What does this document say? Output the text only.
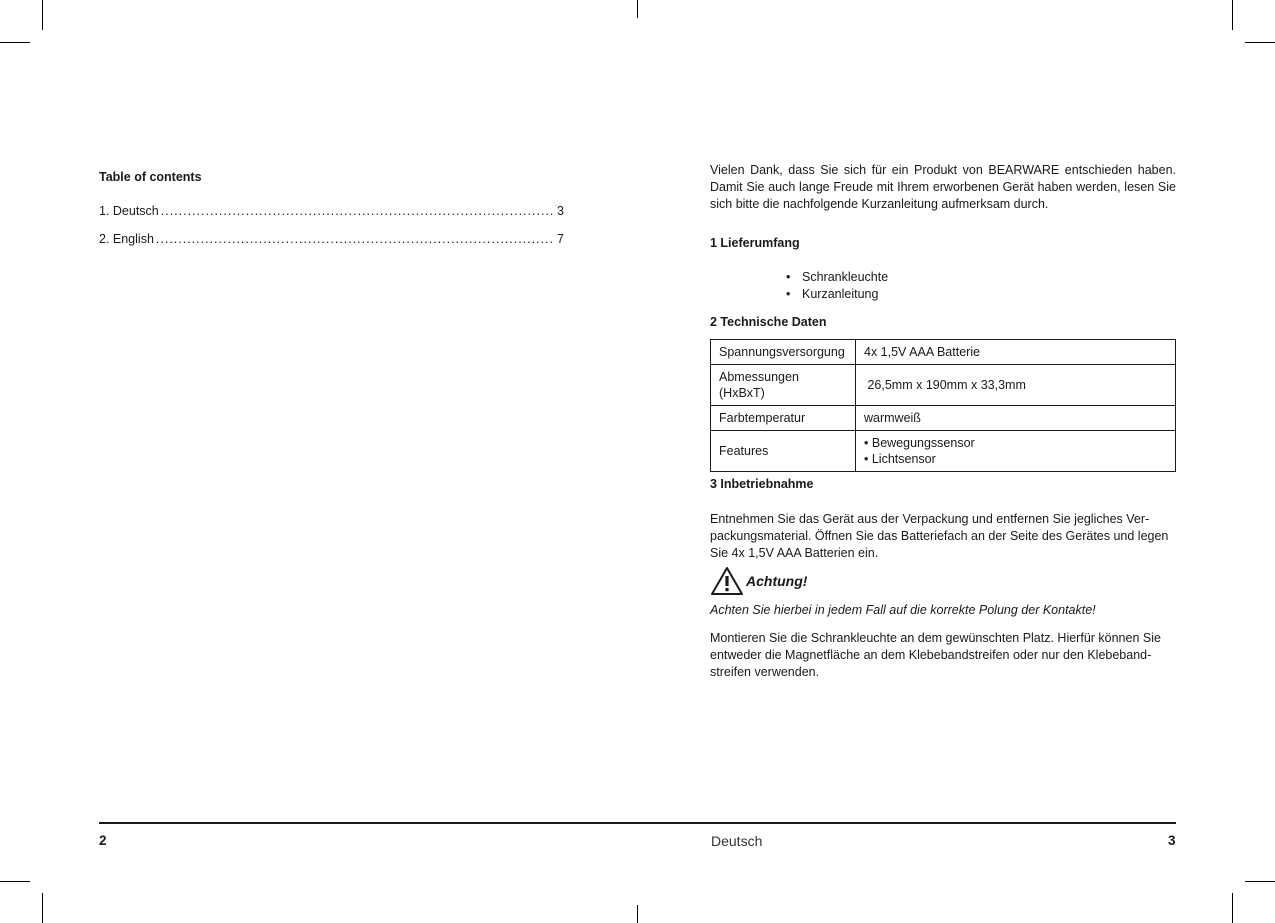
Table of contents
1. Deutsch .....	3
2. English .....	7
Vielen Dank, dass Sie sich für ein Produkt von BEARWARE entschieden haben. Damit Sie auch lange Freude mit Ihrem erworbenen Gerät haben werden, lesen Sie sich bitte die nachfolgende Kurzanleitung aufmerksam durch.
1 Lieferumfang
• Schrankleuchte
• Kurzanleitung
2 Technische Daten
Spannungsversorgung	4x 1,5V AAA Batterie
Abmessungen (HxBxT)	26,5mm x 190mm x 33,3mm
Farbtemperatur	warmweiß
Features	• Bewegungssensor
• Lichtsensor
3 Inbetriebnahme
Entnehmen Sie das Gerät aus der Verpackung und entfernen Sie jegliches Ver-packungsmaterial. Öffnen Sie das Batteriefach an der Seite des Gerätes und legen Sie 4x 1,5V AAA Batterien ein.
Achtung!
Achten Sie hierbei in jedem Fall auf die korrekte Polung der Kontakte!
Montieren Sie die Schrankleuchte an dem gewünschten Platz. Hierfür können Sie entweder die Magnetfläche an dem Klebebandstreifen oder nur den Klebeband-streifen verwenden.
2	Deutsch	3
